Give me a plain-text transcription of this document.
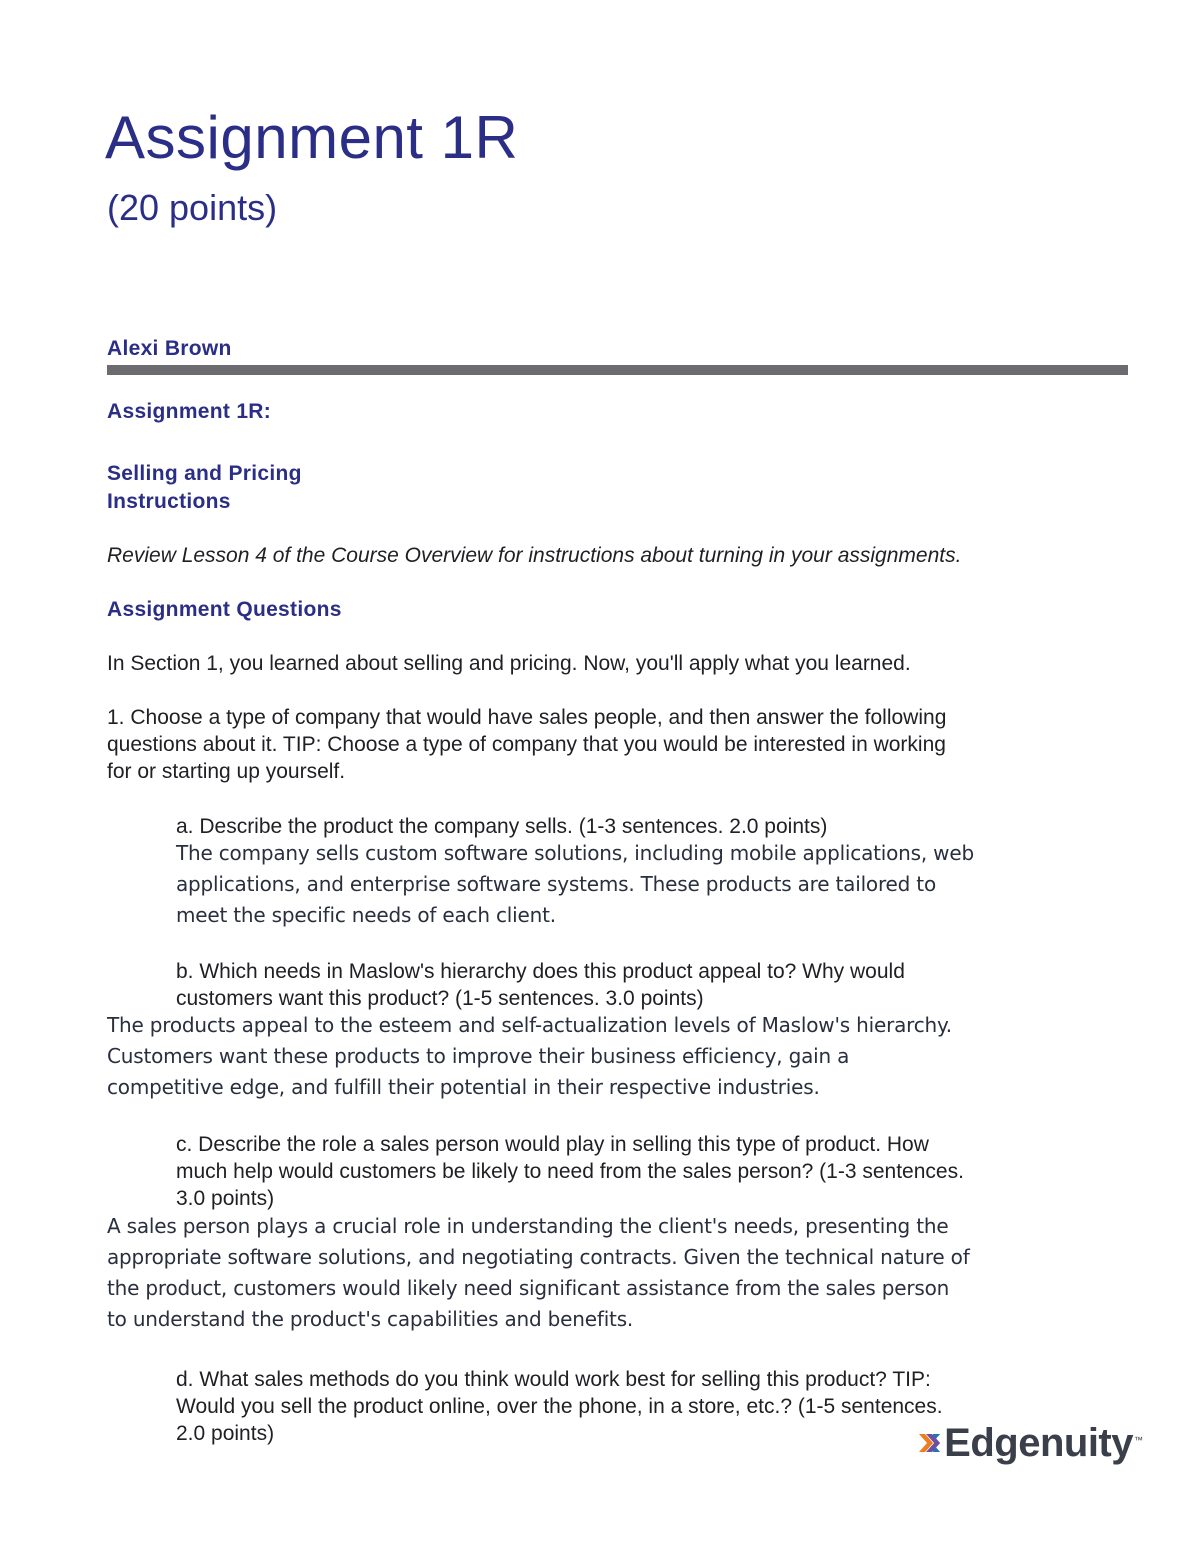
Assignment 1R
(20 points)
Alexi Brown
Assignment 1R:
Selling and Pricing
Instructions
Review Lesson 4 of the Course Overview for instructions about turning in your assignments.
Assignment Questions
In Section 1, you learned about selling and pricing. Now, you'll apply what you learned.
1. Choose a type of company that would have sales people, and then answer the following
questions about it. TIP: Choose a type of company that you would be interested in working
for or starting up yourself.
a. Describe the product the company sells. (1-3 sentences. 2.0 points)
The company sells custom software solutions, including mobile applications, web
applications, and enterprise software systems. These products are tailored to
meet the specific needs of each client.
b. Which needs in Maslow's hierarchy does this product appeal to? Why would
customers want this product? (1-5 sentences. 3.0 points)
The products appeal to the esteem and self-actualization levels of Maslow's hierarchy.
Customers want these products to improve their business efficiency, gain a
competitive edge, and fulfill their potential in their respective industries.
c. Describe the role a sales person would play in selling this type of product. How
much help would customers be likely to need from the sales person? (1-3 sentences.
3.0 points)
A sales person plays a crucial role in understanding the client's needs, presenting the
appropriate software solutions, and negotiating contracts. Given the technical nature of
the product, customers would likely need significant assistance from the sales person
to understand the product's capabilities and benefits.
d. What sales methods do you think would work best for selling this product? TIP:
Would you sell the product online, over the phone, in a store, etc.? (1-5 sentences.
2.0 points)	Edgenuity ™
